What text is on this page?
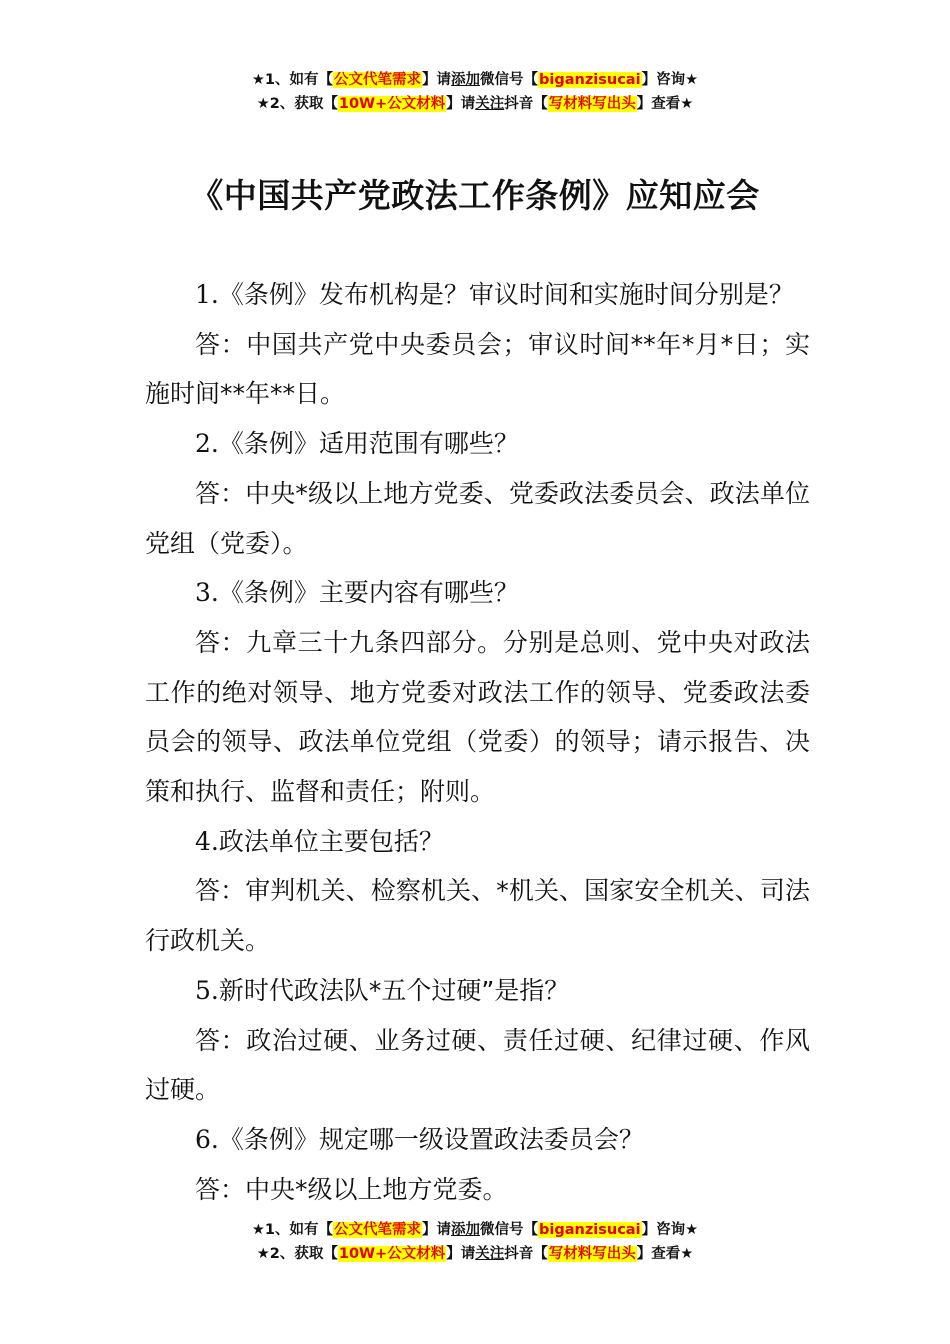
★1、如有【公文代笔需求】请添加微信号【biganzisucai】咨询★
★2、获取【10W+公文材料】请关注抖音【写材料写出头】查看★
《中国共产党政法工作条例》应知应会

1.《条例》发布机构是？审议时间和实施时间分别是？

答：中国共产党中央委员会；审议时间**年*月*日；实施时间**年**日。

2.《条例》适用范围有哪些？

答：中央*级以上地方党委、党委政法委员会、政法单位党组（党委）。

3.《条例》主要内容有哪些？

答：九章三十九条四部分。分别是总则、党中央对政法工作的绝对领导、地方党委对政法工作的领导、党委政法委员会的领导、政法单位党组（党委）的领导；请示报告、决策和执行、监督和责任；附则。

4.政法单位主要包括？

答：审判机关、检察机关、*机关、国家安全机关、司法行政机关。

5.新时代政法队*五个过硬”是指？

答：政治过硬、业务过硬、责任过硬、纪律过硬、作风过硬。

6.《条例》规定哪一级设置政法委员会？

答：中央*级以上地方党委。

★1、如有【公文代笔需求】请添加微信号【biganzisucai】咨询★
★2、获取【10W+公文材料】请关注抖音【写材料写出头】查看★
